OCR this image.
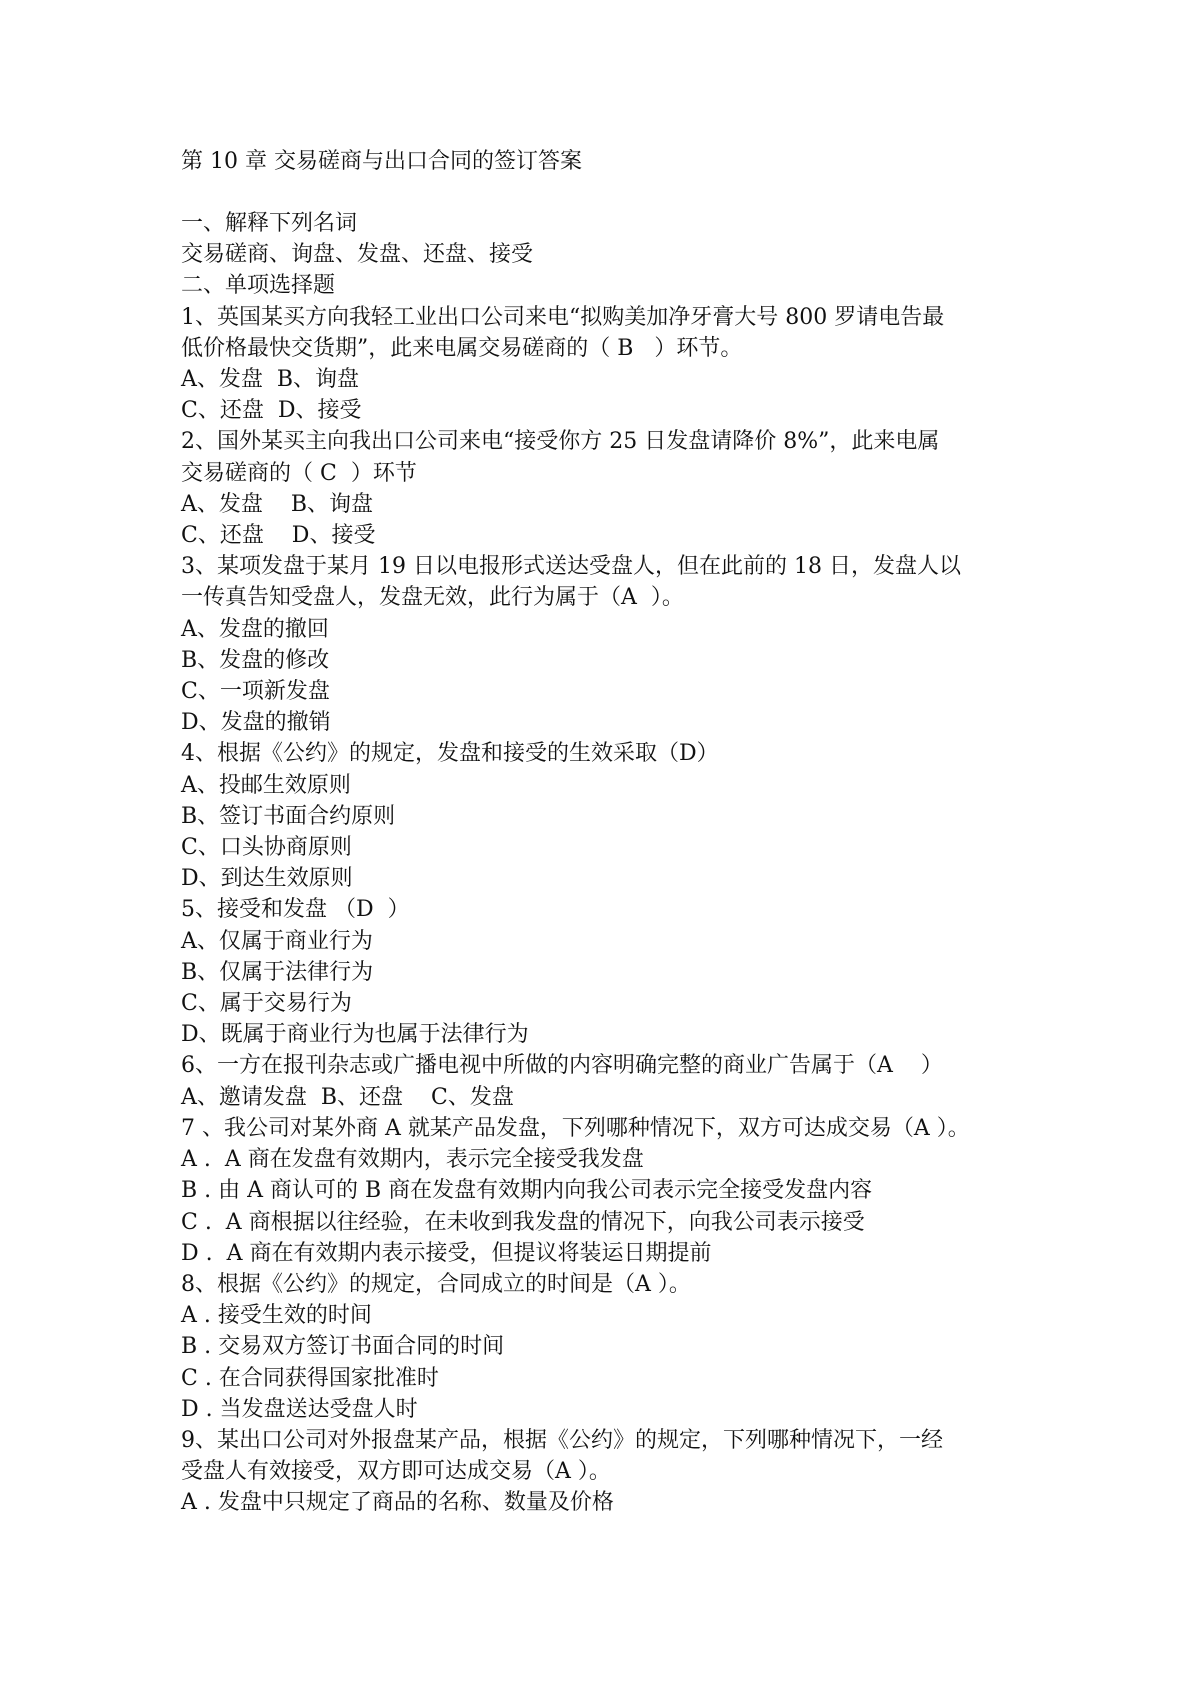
第 10 章 交易磋商与出口合同的签订答案
一、解释下列名词
交易磋商、询盘、发盘、还盘、接受
二、单项选择题
1、英国某买方向我轻工业出口公司来电“拟购美加净牙膏大号 800 罗请电告最
低价格最快交货期”，此来电属交易磋商的（ B   ）环节。
A、发盘  B、询盘
C、还盘  D、接受
2、国外某买主向我出口公司来电“接受你方 25 日发盘请降价 8%”，此来电属
交易磋商的（ C  ）环节
A、发盘    B、询盘
C、还盘    D、接受
3、某项发盘于某月 19 日以电报形式送达受盘人，但在此前的 18 日，发盘人以
一传真告知受盘人，发盘无效，此行为属于（A  ）。
A、发盘的撤回
B、发盘的修改
C、一项新发盘
D、发盘的撤销
4、根据《公约》的规定，发盘和接受的生效采取（D）
A、投邮生效原则
B、签订书面合约原则
C、口头协商原则
D、到达生效原则
5、接受和发盘 （D  ）
A、仅属于商业行为
B、仅属于法律行为
C、属于交易行为
D、既属于商业行为也属于法律行为
6、一方在报刊杂志或广播电视中所做的内容明确完整的商业广告属于（A    ）
A、邀请发盘  B、还盘    C、发盘
7 、我公司对某外商 A 就某产品发盘，下列哪种情况下，双方可达成交易（A ）。
A .  A 商在发盘有效期内，表示完全接受我发盘
B . 由 A 商认可的 B 商在发盘有效期内向我公司表示完全接受发盘内容
C .  A 商根据以往经验，在未收到我发盘的情况下，向我公司表示接受
D .  A 商在有效期内表示接受，但提议将装运日期提前
8、根据《公约》的规定，合同成立的时间是（A ）。
A . 接受生效的时间
B . 交易双方签订书面合同的时间
C . 在合同获得国家批准时
D . 当发盘送达受盘人时
9、某出口公司对外报盘某产品，根据《公约》的规定，下列哪种情况下，一经
受盘人有效接受，双方即可达成交易（A ）。
A . 发盘中只规定了商品的名称、数量及价格
